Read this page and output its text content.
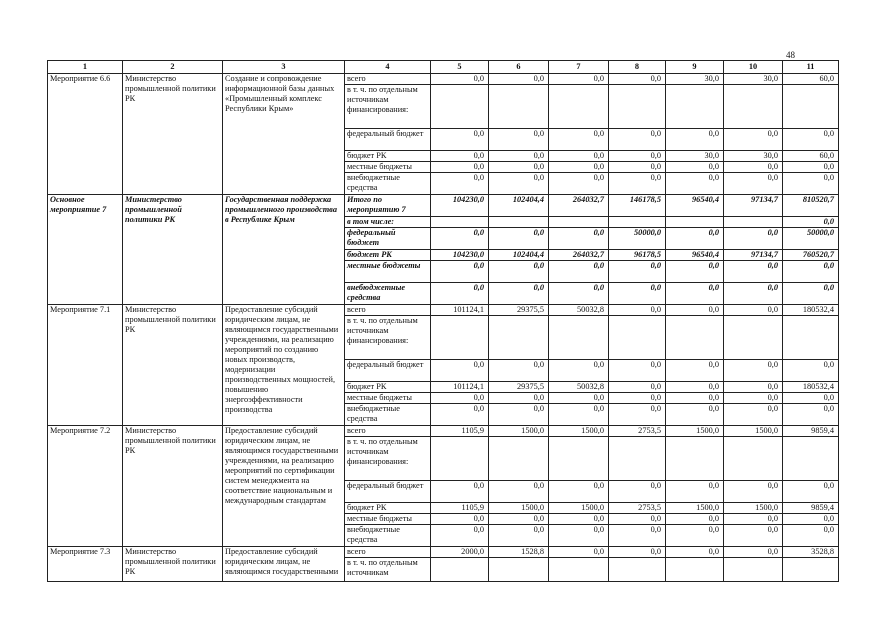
48
1	2	3	4	5	6	7	8	9	10	11
Мероприятие 6.6	Министерство промышленной политики РК	Создание и сопровождение информационной базы данных «Промышленный комплекс Республики Крым»	всего	0,0	0,0	0,0	0,0	30,0	30,0	60,0
			в т. ч. по отдельным источникам финансирования:							
			федеральный бюджет	0,0	0,0	0,0	0,0	0,0	0,0	0,0
			бюджет РК	0,0	0,0	0,0	0,0	30,0	30,0	60,0
			местные бюджеты	0,0	0,0	0,0	0,0	0,0	0,0	0,0
			внебюджетные средства	0,0	0,0	0,0	0,0	0,0	0,0	0,0
Основное мероприятие 7	Министерство промышленной политики РК	Государственная поддержка промышленного производства в Республике Крым	Итого по мероприятию 7	104230,0	102404,4	264032,7	146178,5	96540,4	97134,7	810520,7
			в том числе:							0,0
			федеральный бюджет	0,0	0,0	0,0	50000,0	0,0	0,0	50000,0
			бюджет РК	104230,0	102404,4	264032,7	96178,5	96540,4	97134,7	760520,7
			местные бюджеты	0,0	0,0	0,0	0,0	0,0	0,0	0,0
			внебюджетные средства	0,0	0,0	0,0	0,0	0,0	0,0	0,0
Мероприятие 7.1	Министерство промышленной политики РК	Предоставление субсидий юридическим лицам, не являющимся государственными учреждениями, на реализацию мероприятий по созданию новых производств, модернизации производственных мощностей, повышению энергоэффективности производства	всего	101124,1	29375,5	50032,8	0,0	0,0	0,0	180532,4
			в т. ч. по отдельным источникам финансирования:							
			федеральный бюджет	0,0	0,0	0,0	0,0	0,0	0,0	0,0
			бюджет РК	101124,1	29375,5	50032,8	0,0	0,0	0,0	180532,4
			местные бюджеты	0,0	0,0	0,0	0,0	0,0	0,0	0,0
			внебюджетные средства	0,0	0,0	0,0	0,0	0,0	0,0	0,0
Мероприятие 7.2	Министерство промышленной политики РК	Предоставление субсидий юридическим лицам, не являющимся государственными учреждениями, на реализацию мероприятий по сертификации систем менеджмента на соответствие национальным и международным стандартам	всего	1105,9	1500,0	1500,0	2753,5	1500,0	1500,0	9859,4
			в т. ч. по отдельным источникам финансирования:							
			федеральный бюджет	0,0	0,0	0,0	0,0	0,0	0,0	0,0
			бюджет РК	1105,9	1500,0	1500,0	2753,5	1500,0	1500,0	9859,4
			местные бюджеты	0,0	0,0	0,0	0,0	0,0	0,0	0,0
			внебюджетные средства	0,0	0,0	0,0	0,0	0,0	0,0	0,0
Мероприятие 7.3	Министерство промышленной политики РК	Предоставление субсидий юридическим лицам, не являющимся государственными	всего	2000,0	1528,8	0,0	0,0	0,0	0,0	3528,8
			в т. ч. по отдельным источникам							
